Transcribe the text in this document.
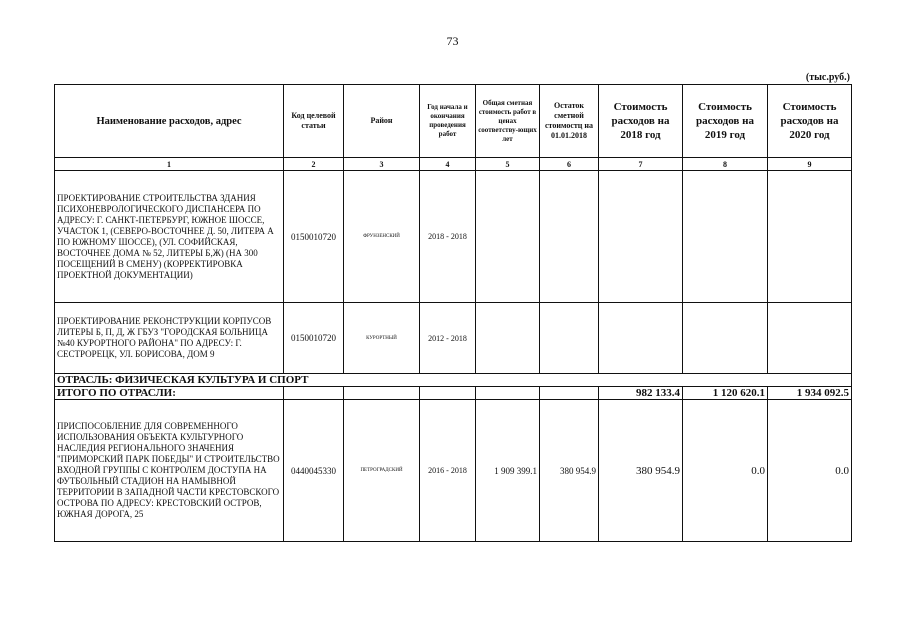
73
(тыс.руб.)
Наименование расходов, адрес	Код целевой статьи	Район	Год начала и окончания проведения работ	Общая сметная стоимость работ в ценах соответству-ющих лет	Остаток сметной стоимостц на 01.01.2018	Стоимость расходов на 2018 год	Стоимость расходов на 2019 год	Стоимость расходов на 2020 год
1	2	3	4	5	6	7	8	9
ПРОЕКТИРОВАНИЕ СТРОИТЕЛЬСТВА ЗДАНИЯ ПСИХОНЕВРОЛОГИЧЕСКОГО ДИСПАНСЕРА ПО АДРЕСУ: Г. САНКТ-ПЕТЕРБУРГ, ЮЖНОЕ ШОССЕ, УЧАСТОК 1, (СЕВЕРО-ВОСТОЧНЕЕ Д. 50, ЛИТЕРА А ПО ЮЖНОМУ ШОССЕ), (УЛ. СОФИЙСКАЯ, ВОСТОЧНЕЕ ДОМА № 52, ЛИТЕРЫ Б,Ж) (НА 300 ПОСЕЩЕНИЙ В СМЕНУ) (КОРРЕКТИРОВКА ПРОЕКТНОЙ ДОКУМЕНТАЦИИ)	0150010720	ФРУНЗЕНСКИЙ	2018 - 2018					
ПРОЕКТИРОВАНИЕ РЕКОНСТРУКЦИИ КОРПУСОВ ЛИТЕРЫ Б, П, Д, Ж ГБУЗ "ГОРОДСКАЯ БОЛЬНИЦА №40 КУРОРТНОГО РАЙОНА" ПО АДРЕСУ: Г. СЕСТРОРЕЦК, УЛ. БОРИСОВА, ДОМ 9	0150010720	КУРОРТНЫЙ	2012 - 2018					
ОТРАСЛЬ: ФИЗИЧЕСКАЯ КУЛЬТУРА И СПОРТ								
ИТОГО ПО ОТРАСЛИ:						982 133.4	1 120 620.1	1 934 092.5
ПРИСПОСОБЛЕНИЕ ДЛЯ СОВРЕМЕННОГО ИСПОЛЬЗОВАНИЯ ОБЪЕКТА КУЛЬТУРНОГО НАСЛЕДИЯ РЕГИОНАЛЬНОГО ЗНАЧЕНИЯ "ПРИМОРСКИЙ ПАРК ПОБЕДЫ" И СТРОИТЕЛЬСТВО ВХОДНОЙ ГРУППЫ С КОНТРОЛЕМ ДОСТУПА НА ФУТБОЛЬНЫЙ СТАДИОН НА НАМЫВНОЙ ТЕРРИТОРИИ В ЗАПАДНОЙ ЧАСТИ КРЕСТОВСКОГО ОСТРОВА ПО АДРЕСУ: КРЕСТОВСКИЙ ОСТРОВ, ЮЖНАЯ ДОРОГА, 25	0440045330	ПЕТРОГРАДСКИЙ	2016 - 2018	1 909 399.1	380 954.9	380 954.9	0.0	0.0
